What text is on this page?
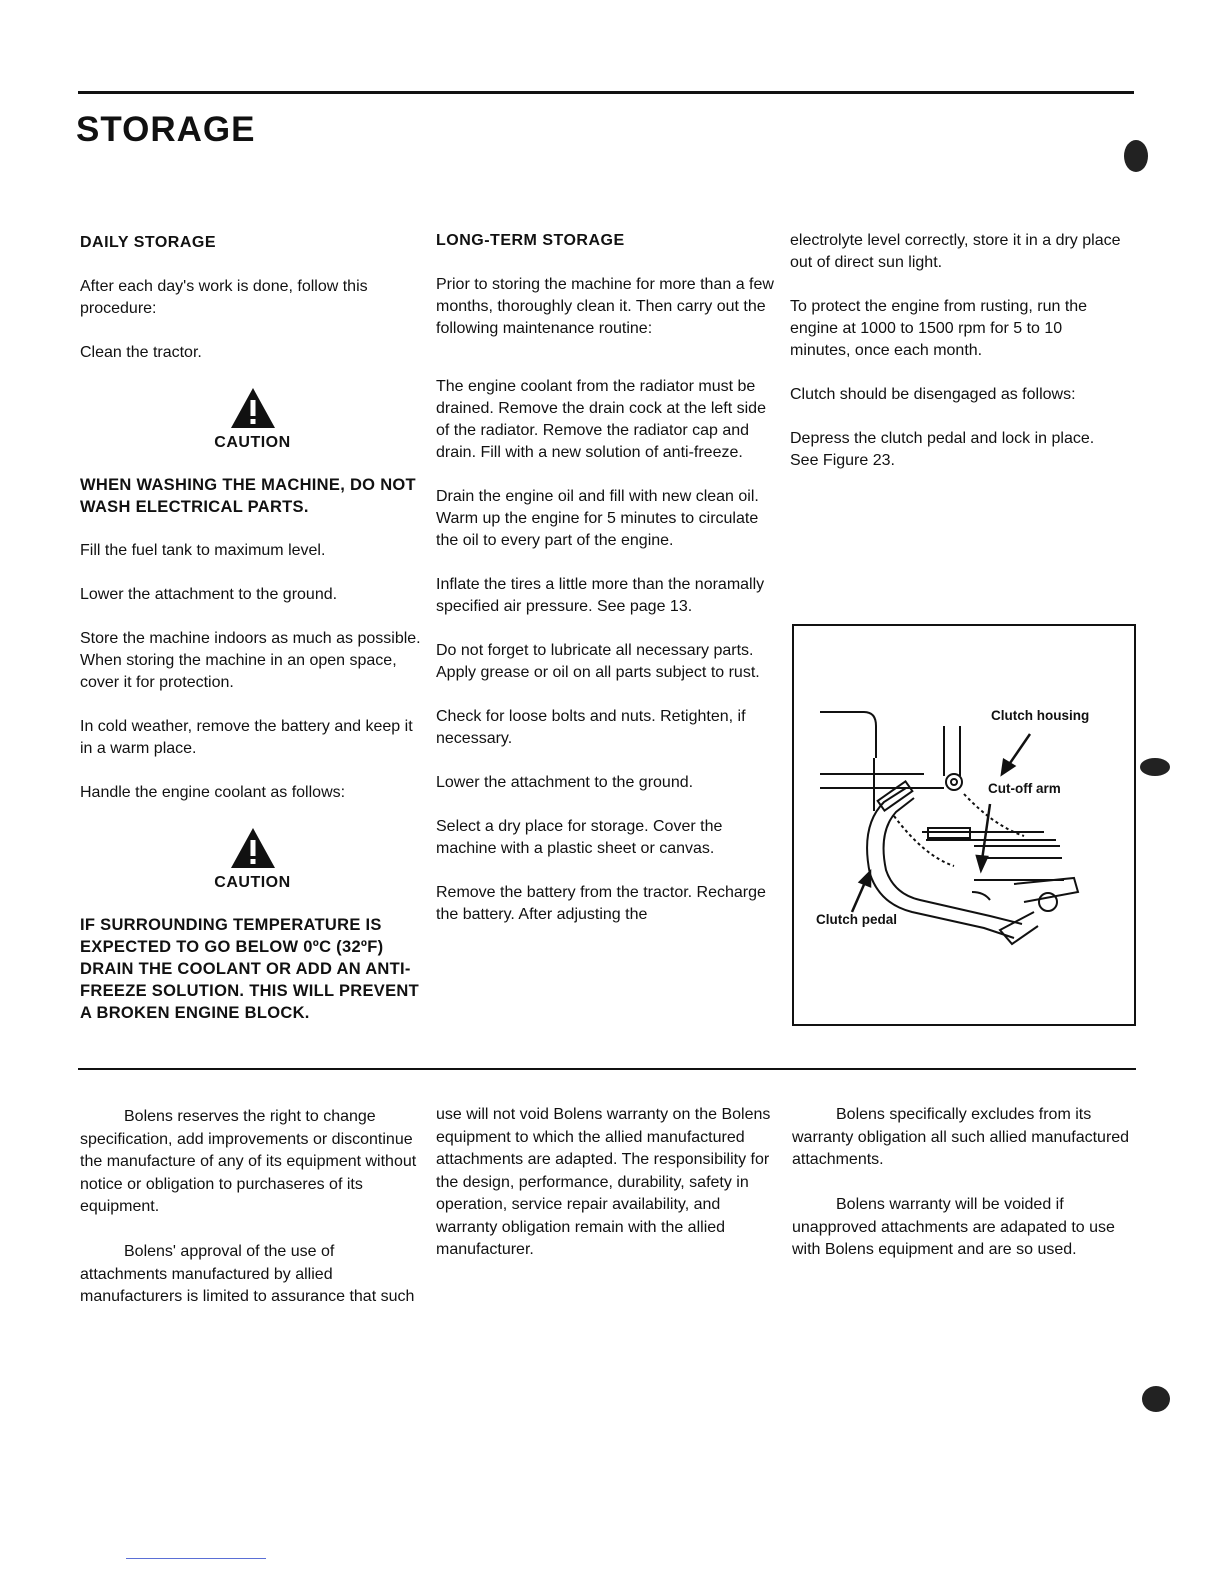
STORAGE

DAILY STORAGE

After each day's work is done, follow this procedure:

Clean the tractor.

CAUTION

WHEN WASHING THE MACHINE, DO NOT WASH ELECTRICAL PARTS.

Fill the fuel tank to maximum level.

Lower the attachment to the ground.

Store the machine indoors as much as possible. When storing the machine in an open space, cover it for protection.

In cold weather, remove the battery and keep it in a warm place.

Handle the engine coolant as follows:

CAUTION

IF SURROUNDING TEMPERATURE IS EXPECTED TO GO BELOW 0ºC (32ºF) DRAIN THE COOLANT OR ADD AN ANTI-FREEZE SOLUTION. THIS WILL PREVENT A BROKEN ENGINE BLOCK.

LONG-TERM STORAGE

Prior to storing the machine for more than a few months, thoroughly clean it. Then carry out the following maintenance routine:

The engine coolant from the radiator must be drained. Remove the drain cock at the left side of the radiator. Remove the radiator cap and drain. Fill with a new solution of anti-freeze.

Drain the engine oil and fill with new clean oil. Warm up the engine for 5 minutes to circulate the oil to every part of the engine.

Inflate the tires a little more than the noramally specified air pressure. See page 13.

Do not forget to lubricate all necessary parts. Apply grease or oil on all parts subject to rust.

Check for loose bolts and nuts. Retighten, if necessary.

Lower the attachment to the ground.

Select a dry place for storage. Cover the machine with a plastic sheet or canvas.

Remove the battery from the tractor. Recharge the battery. After adjusting the

electrolyte level correctly, store it in a dry place out of direct sun light.

To protect the engine from rusting, run the engine at 1000 to 1500 rpm for 5 to 10 minutes, once each month.

Clutch should be disengaged as follows:

Depress the clutch pedal and lock in place. See Figure 23.

Clutch housing
Cut-off arm
Clutch pedal

Bolens reserves the right to change specification, add improvements or discontinue the manufacture of any of its equipment without notice or obligation to purchaseres of its equipment.

Bolens' approval of the use of attachments manufactured by allied manufacturers is limited to assurance that such

use will not void Bolens warranty on the Bolens equipment to which the allied manufactured attachments are adapted. The responsibility for the design, performance, durability, safety in operation, service repair availability, and warranty obligation remain with the allied manufacturer.

Bolens specifically excludes from its warranty obligation all such allied manufactured attachments.

Bolens warranty will be voided if unapproved attachments are adapated to use with Bolens equipment and are so used.
